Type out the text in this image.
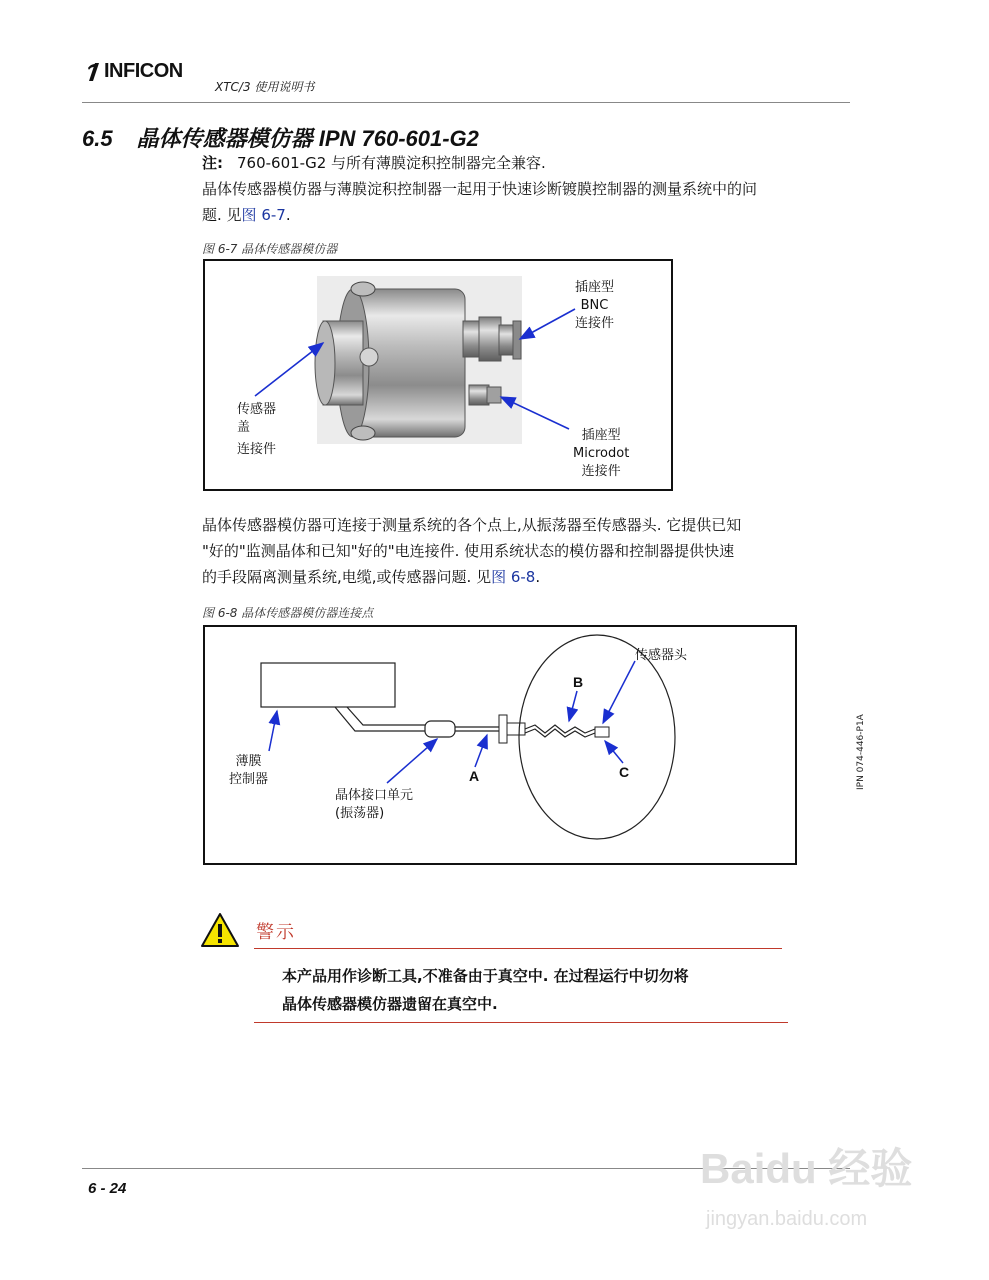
INFICON
XTC/3 使用说明书
6.5 晶体传感器模仿器 IPN 760-601-G2
注: 760-601-G2 与所有薄膜淀积控制器完全兼容.
晶体传感器模仿器与薄膜淀积控制器一起用于快速诊断镀膜控制器的测量系统中的问
题. 见图 6-7.
图 6-7 晶体传感器模仿器
插座型
BNC
连接件
传感器
盖
连接件
插座型
Microdot
连接件
晶体传感器模仿器可连接于测量系统的各个点上,从振荡器至传感器头. 它提供已知
"好的"监测晶体和已知"好的"电连接件. 使用系统状态的模仿器和控制器提供快速
的手段隔离测量系统,电缆,或传感器问题. 见图 6-8.
图 6-8 晶体传感器模仿器连接点
薄膜
控制器
晶体接口单元
(振荡器)
传感器头
A
B
C
警示
本产品用作诊断工具,不准备由于真空中. 在过程运行中切勿将
晶体传感器模仿器遗留在真空中.
IPN 074-446-P1A
6 - 24	Baidu 经验
jingyan.baidu.com
